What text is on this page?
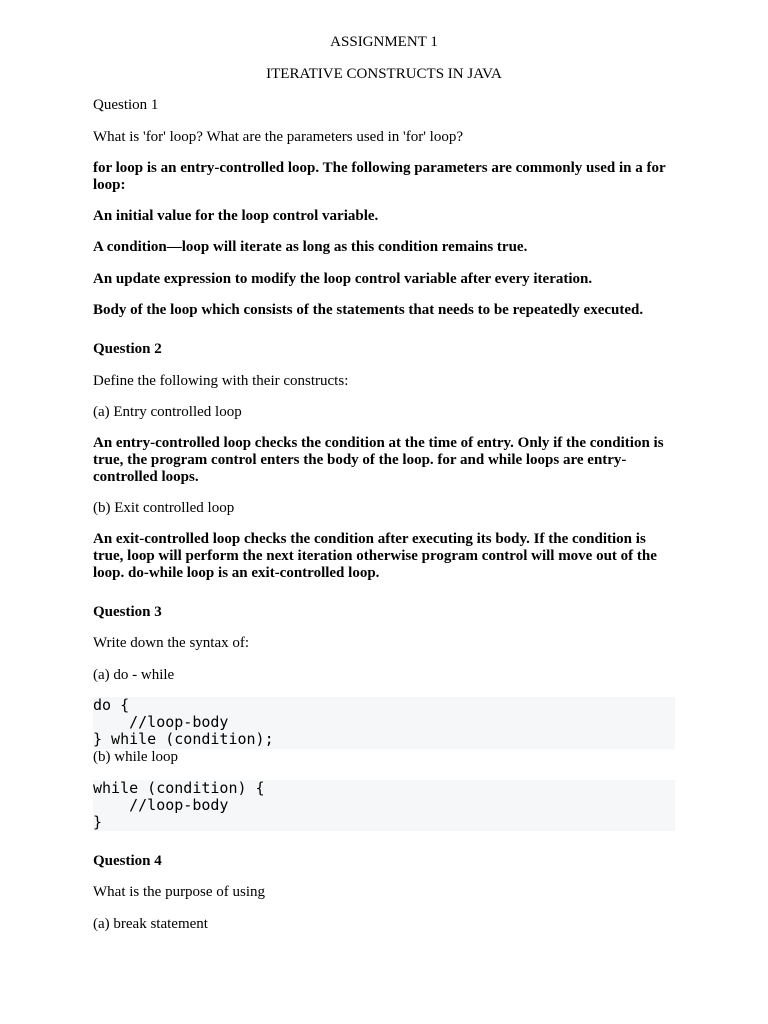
ASSIGNMENT 1

ITERATIVE CONSTRUCTS IN JAVA

Question 1

What is 'for' loop? What are the parameters used in 'for' loop?

for loop is an entry-controlled loop. The following parameters are commonly used in a for loop:

An initial value for the loop control variable.

A condition—loop will iterate as long as this condition remains true.

An update expression to modify the loop control variable after every iteration.

Body of the loop which consists of the statements that needs to be repeatedly executed.

Question 2

Define the following with their constructs:

(a) Entry controlled loop

An entry-controlled loop checks the condition at the time of entry. Only if the condition is true, the program control enters the body of the loop. for and while loops are entry-controlled loops.

(b) Exit controlled loop

An exit-controlled loop checks the condition after executing its body. If the condition is true, loop will perform the next iteration otherwise program control will move out of the loop. do-while loop is an exit-controlled loop.

Question 3

Write down the syntax of:

(a) do - while

do {
//loop-body
} while (condition);

(b) while loop

while (condition) {
//loop-body
}

Question 4

What is the purpose of using

(a) break statement
